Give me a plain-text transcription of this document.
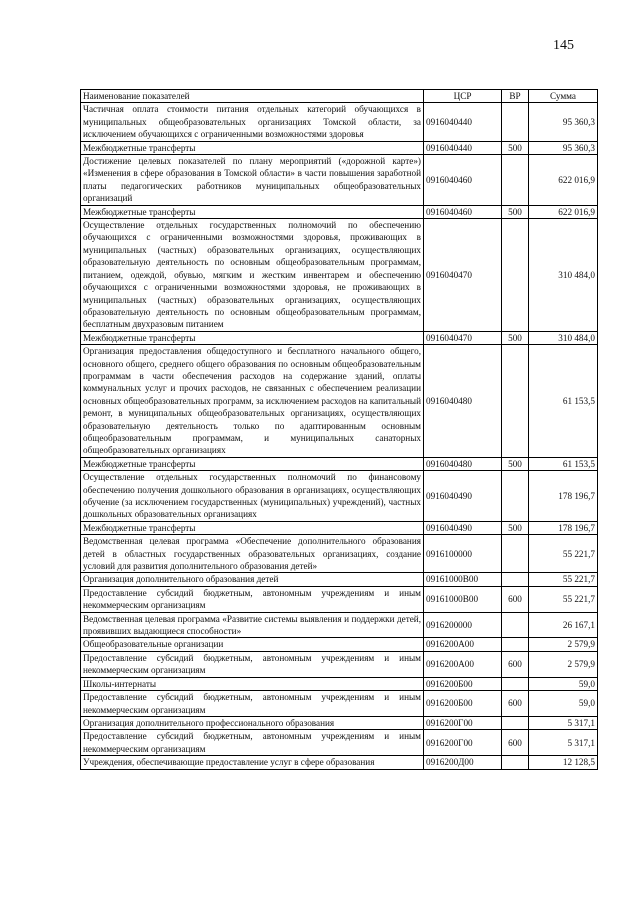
145
Наименование показателей	ЦСР	ВР	Сумма
Частичная оплата стоимости питания отдельных категорий обучающихся в муниципальных общеобразовательных организациях Томской области, за исключением обучающихся с ограниченными возможностями здоровья	0916040440		95 360,3
Межбюджетные трансферты	0916040440	500	95 360,3
Достижение целевых показателей по плану мероприятий («дорожной карте») «Изменения в сфере образования в Томской области» в части повышения заработной платы педагогических работников муниципальных общеобразовательных организаций	0916040460		622 016,9
Межбюджетные трансферты	0916040460	500	622 016,9
Осуществление отдельных государственных полномочий по обеспечению обучающихся с ограниченными возможностями здоровья, проживающих в муниципальных (частных) образовательных организациях, осуществляющих образовательную деятельность по основным общеобразовательным программам, питанием, одеждой, обувью, мягким и жестким инвентарем и обеспечению обучающихся с ограниченными возможностями здоровья, не проживающих в муниципальных (частных) образовательных организациях, осуществляющих образовательную деятельность по основным общеобразовательным программам, бесплатным двухразовым питанием	0916040470		310 484,0
Межбюджетные трансферты	0916040470	500	310 484,0
Организация предоставления общедоступного и бесплатного начального общего, основного общего, среднего общего образования по основным общеобразовательным программам в части обеспечения расходов на содержание зданий, оплаты коммунальных услуг и прочих расходов, не связанных с обеспечением реализации основных общеобразовательных программ, за исключением расходов на капитальный ремонт, в муниципальных общеобразовательных организациях, осуществляющих образовательную деятельность только по адаптированным основным общеобразовательным программам, и муниципальных санаторных общеобразовательных организациях	0916040480		61 153,5
Межбюджетные трансферты	0916040480	500	61 153,5
Осуществление отдельных государственных полномочий по финансовому обеспечению получения дошкольного образования в организациях, осуществляющих обучение (за исключением государственных (муниципальных) учреждений), частных дошкольных образовательных организациях	0916040490		178 196,7
Межбюджетные трансферты	0916040490	500	178 196,7
Ведомственная целевая программа «Обеспечение дополнительного образования детей в областных государственных образовательных организациях, создание условий для развития дополнительного образования детей»	0916100000		55 221,7
Организация дополнительного образования детей	09161000В00		55 221,7
Предоставление субсидий бюджетным, автономным учреждениям и иным некоммерческим организациям	09161000В00	600	55 221,7
Ведомственная целевая программа «Развитие системы выявления и поддержки детей, проявивших выдающиеся способности»	0916200000		26 167,1
Общеобразовательные организации	0916200А00		2 579,9
Предоставление субсидий бюджетным, автономным учреждениям и иным некоммерческим организациям	0916200А00	600	2 579,9
Школы-интернаты	0916200Б00		59,0
Предоставление субсидий бюджетным, автономным учреждениям и иным некоммерческим организациям	0916200Б00	600	59,0
Организация дополнительного профессионального образования	0916200Г00		5 317,1
Предоставление субсидий бюджетным, автономным учреждениям и иным некоммерческим организациям	0916200Г00	600	5 317,1
Учреждения, обеспечивающие предоставление услуг в сфере образования	0916200Д00		12 128,5
